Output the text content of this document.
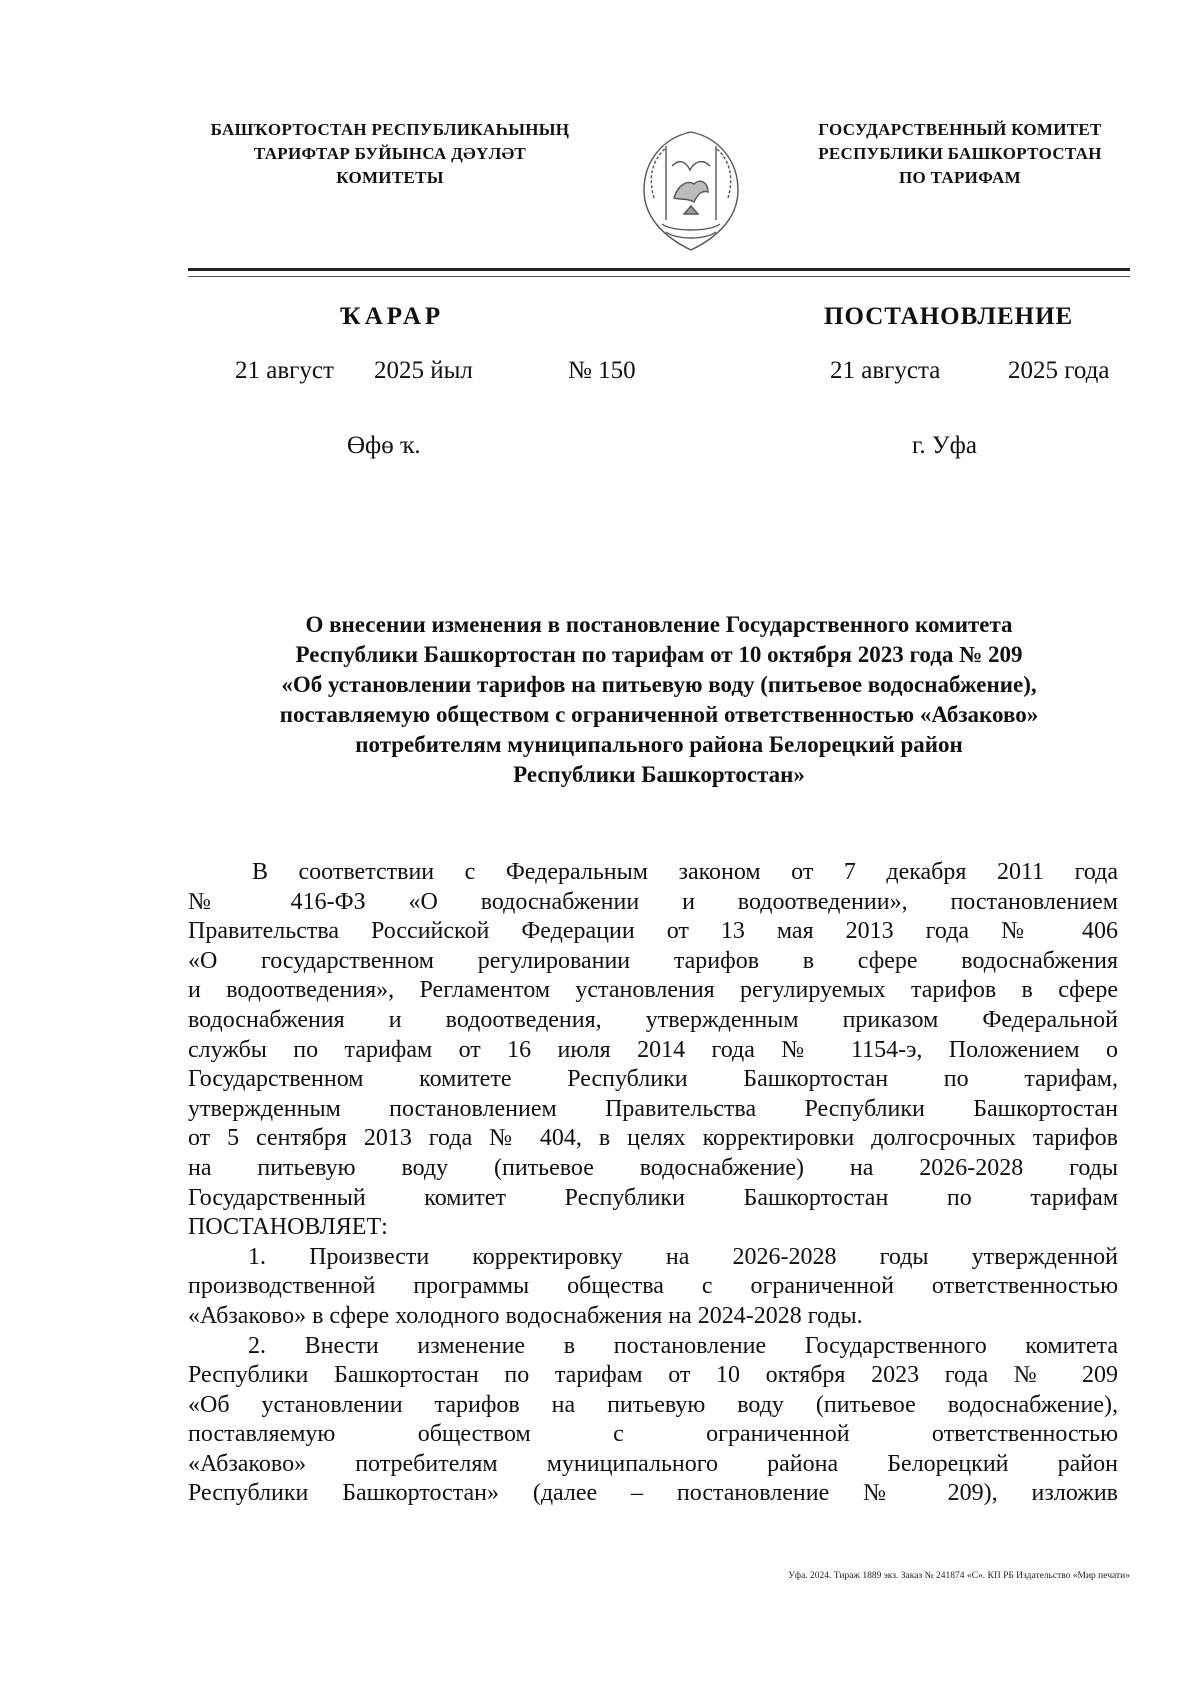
БАШҠОРТОСТАН РЕСПУБЛИКАҺЫНЫҢ
ТАРИФТАР БУЙЫНСА ДӘҮЛӘТ
КОМИТЕТЫ
ГОСУДАРСТВЕННЫЙ КОМИТЕТ
РЕСПУБЛИКИ БАШКОРТОСТАН
ПО ТАРИФАМ
ҠАРАР	ПОСТАНОВЛЕНИЕ
21 август 2025 йыл	№ 150	21 августа	2025 года
Өфө ҡ.	г. Уфа
О внесении изменения в постановление Государственного комитета
Республики Башкортостан по тарифам от 10 октября 2023 года № 209
«Об установлении тарифов на питьевую воду (питьевое водоснабжение),
поставляемую обществом с ограниченной ответственностью «Абзаково»
потребителям муниципального района Белорецкий район
Республики Башкортостан»
В соответствии с Федеральным законом от 7 декабря 2011 года
№ 416-ФЗ «О водоснабжении и водоотведении», постановлением
Правительства Российской Федерации от 13 мая 2013 года № 406
«О государственном регулировании тарифов в сфере водоснабжения
и водоотведения», Регламентом установления регулируемых тарифов в сфере
водоснабжения и водоотведения, утвержденным приказом Федеральной
службы по тарифам от 16 июля 2014 года № 1154-э, Положением о
Государственном комитете Республики Башкортостан по тарифам,
утвержденным постановлением Правительства Республики Башкортостан
от 5 сентября 2013 года № 404, в целях корректировки долгосрочных тарифов
на питьевую воду (питьевое водоснабжение) на 2026-2028 годы
Государственный комитет Республики Башкортостан по тарифам
ПОСТАНОВЛЯЕТ:
1. Произвести корректировку на 2026-2028 годы утвержденной
производственной программы общества с ограниченной ответственностью
«Абзаково» в сфере холодного водоснабжения на 2024-2028 годы.
2. Внести изменение в постановление Государственного комитета
Республики Башкортостан по тарифам от 10 октября 2023 года № 209
«Об установлении тарифов на питьевую воду (питьевое водоснабжение),
поставляемую обществом с ограниченной ответственностью
«Абзаково» потребителям муниципального района Белорецкий район
Республики Башкортостан» (далее – постановление № 209), изложив
Уфа. 2024. Тираж 1889 экз. Заказ № 241874 «С». КП РБ Издательство «Мир печати»
